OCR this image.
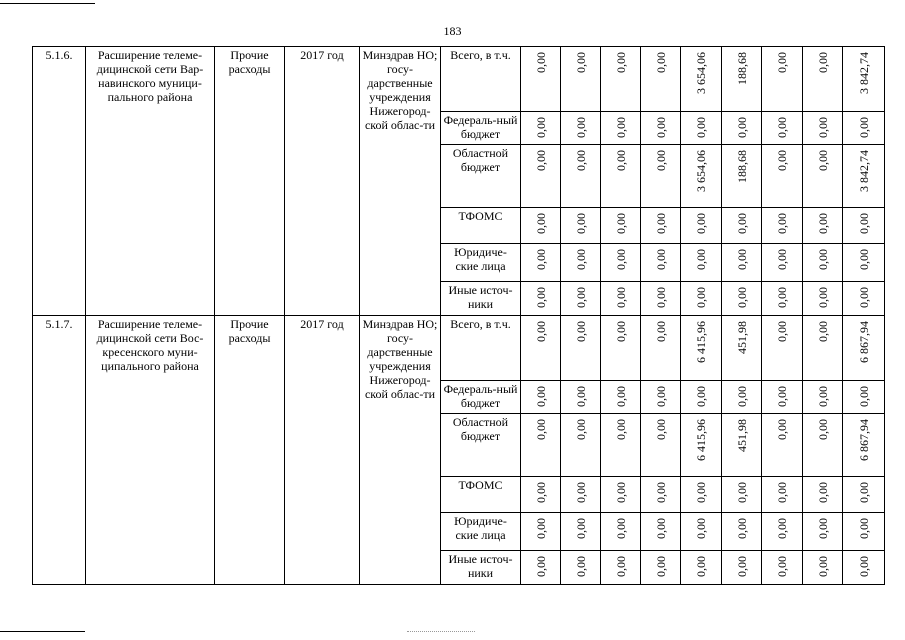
183
5.1.6.	Расширение телеме-дицинской сети Вар-навинского муници-пального района	Прочие расходы	2017 год	Минздрав НО; госу-дарственные учреждения Нижегород-ской облас-ти	Всего, в т.ч.	0,00	0,00	0,00	0,00	3 654,06	188,68	0,00	0,00	3 842,74

					Федераль-ный бюджет	0,00	0,00	0,00	0,00	0,00	0,00	0,00	0,00	0,00

					Областной бюджет	0,00	0,00	0,00	0,00	3 654,06	188,68	0,00	0,00	3 842,74

					ТФОМС	0,00	0,00	0,00	0,00	0,00	0,00	0,00	0,00	0,00

					Юридиче-ские лица	0,00	0,00	0,00	0,00	0,00	0,00	0,00	0,00	0,00

					Иные источ-ники	0,00	0,00	0,00	0,00	0,00	0,00	0,00	0,00	0,00

5.1.7.	Расширение телеме-дицинской сети Вос-кресенского муни-ципального района	Прочие расходы	2017 год	Минздрав НО; госу-дарственные учреждения Нижегород-ской облас-ти	Всего, в т.ч.	0,00	0,00	0,00	0,00	6 415,96	451,98	0,00	0,00	6 867,94

					Федераль-ный бюджет	0,00	0,00	0,00	0,00	0,00	0,00	0,00	0,00	0,00

					Областной бюджет	0,00	0,00	0,00	0,00	6 415,96	451,98	0,00	0,00	6 867,94

					ТФОМС	0,00	0,00	0,00	0,00	0,00	0,00	0,00	0,00	0,00

					Юридиче-ские лица	0,00	0,00	0,00	0,00	0,00	0,00	0,00	0,00	0,00

					Иные источ-ники	0,00	0,00	0,00	0,00	0,00	0,00	0,00	0,00	0,00
